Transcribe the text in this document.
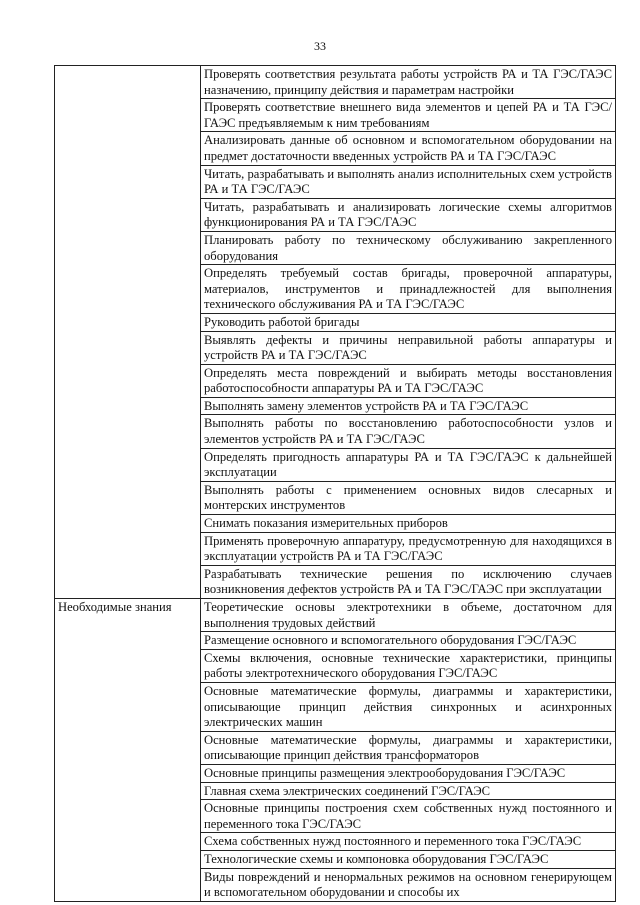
33
	Проверять соответствия результата работы устройств РА и ТА ГЭС/ГАЭС назначению, принципу действия и параметрам настройки
	Проверять соответствие внешнего вида элементов и цепей РА и ТА ГЭС/ГАЭС предъявляемым к ним требованиям
	Анализировать данные об основном и вспомогательном оборудовании на предмет достаточности введенных устройств РА и ТА ГЭС/ГАЭС
	Читать, разрабатывать и выполнять анализ исполнительных схем устройств РА и ТА ГЭС/ГАЭС
	Читать, разрабатывать и анализировать логические схемы алгоритмов функционирования РА и ТА ГЭС/ГАЭС
	Планировать работу по техническому обслуживанию закрепленного оборудования
	Определять требуемый состав бригады, проверочной аппаратуры, материалов, инструментов и принадлежностей для выполнения технического обслуживания РА и ТА ГЭС/ГАЭС
	Руководить работой бригады
	Выявлять дефекты и причины неправильной работы аппаратуры и устройств РА и ТА ГЭС/ГАЭС
	Определять места повреждений и выбирать методы восстановления работоспособности аппаратуры РА и ТА ГЭС/ГАЭС
	Выполнять замену элементов устройств РА и ТА ГЭС/ГАЭС
	Выполнять работы по восстановлению работоспособности узлов и элементов устройств РА и ТА ГЭС/ГАЭС
	Определять пригодность аппаратуры РА и ТА ГЭС/ГАЭС к дальнейшей эксплуатации
	Выполнять работы с применением основных видов слесарных и монтерских инструментов
	Снимать показания измерительных приборов
	Применять проверочную аппаратуру, предусмотренную для находящихся в эксплуатации устройств РА и ТА ГЭС/ГАЭС
	Разрабатывать технические решения по исключению случаев возникновения дефектов устройств РА и ТА ГЭС/ГАЭС при эксплуатации
Необходимые знания	Теоретические основы электротехники в объеме, достаточном для выполнения трудовых действий
	Размещение основного и вспомогательного оборудования ГЭС/ГАЭС
	Схемы включения, основные технические характеристики, принципы работы электротехнического оборудования ГЭС/ГАЭС
	Основные математические формулы, диаграммы и характеристики, описывающие принцип действия синхронных и асинхронных электрических машин
	Основные математические формулы, диаграммы и характеристики, описывающие принцип действия трансформаторов
	Основные принципы размещения электрооборудования ГЭС/ГАЭС
	Главная схема электрических соединений ГЭС/ГАЭС
	Основные принципы построения схем собственных нужд постоянного и переменного тока ГЭС/ГАЭС
	Схема собственных нужд постоянного и переменного тока ГЭС/ГАЭС
	Технологические схемы и компоновка оборудования ГЭС/ГАЭС
	Виды повреждений и ненормальных режимов на основном генерирующем и вспомогательном оборудовании и способы их
